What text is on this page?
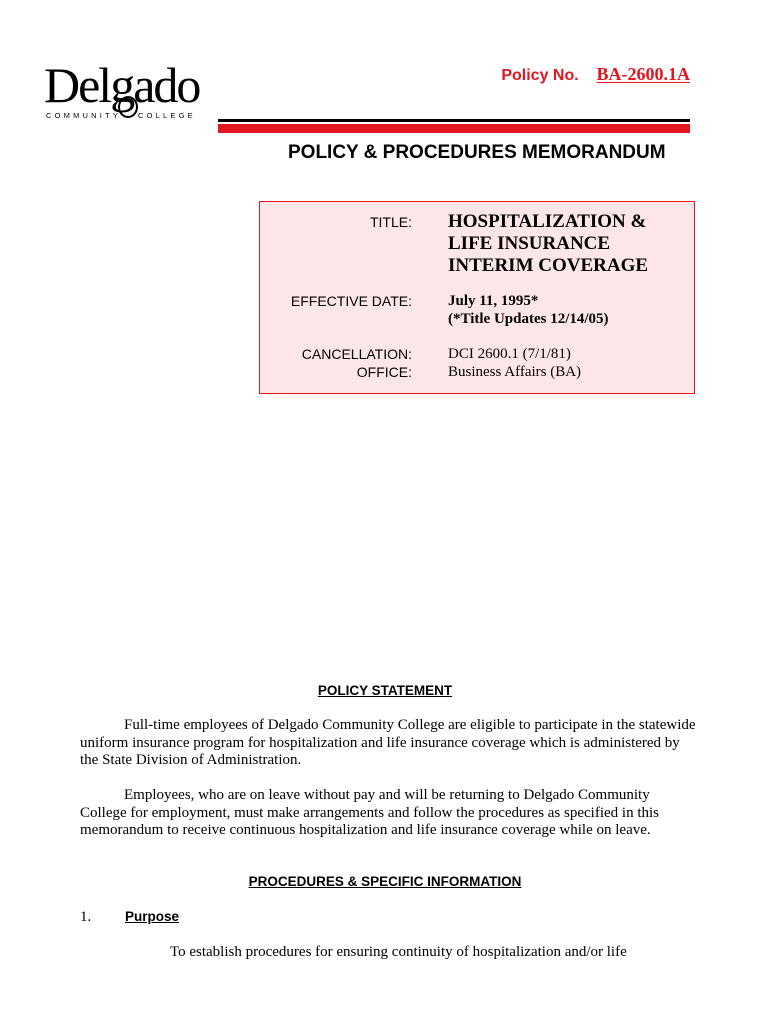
Delgado
COMMUNITY COLLEGE
Policy No. BA-2600.1A
POLICY & PROCEDURES MEMORANDUM
TITLE: HOSPITALIZATION &
LIFE INSURANCE
INTERIM COVERAGE
EFFECTIVE DATE: July 11, 1995*
(*Title Updates 12/14/05)
CANCELLATION:
OFFICE:
DCI 2600.1 (7/1/81)
Business Affairs (BA)
POLICY STATEMENT
Full-time employees of Delgado Community College are eligible to participate in the statewide uniform insurance program for hospitalization and life insurance coverage which is administered by the State Division of Administration.
Employees, who are on leave without pay and will be returning to Delgado Community College for employment, must make arrangements and follow the procedures as specified in this memorandum to receive continuous hospitalization and life insurance coverage while on leave.
PROCEDURES & SPECIFIC INFORMATION
1.	Purpose
To establish procedures for ensuring continuity of hospitalization and/or life
